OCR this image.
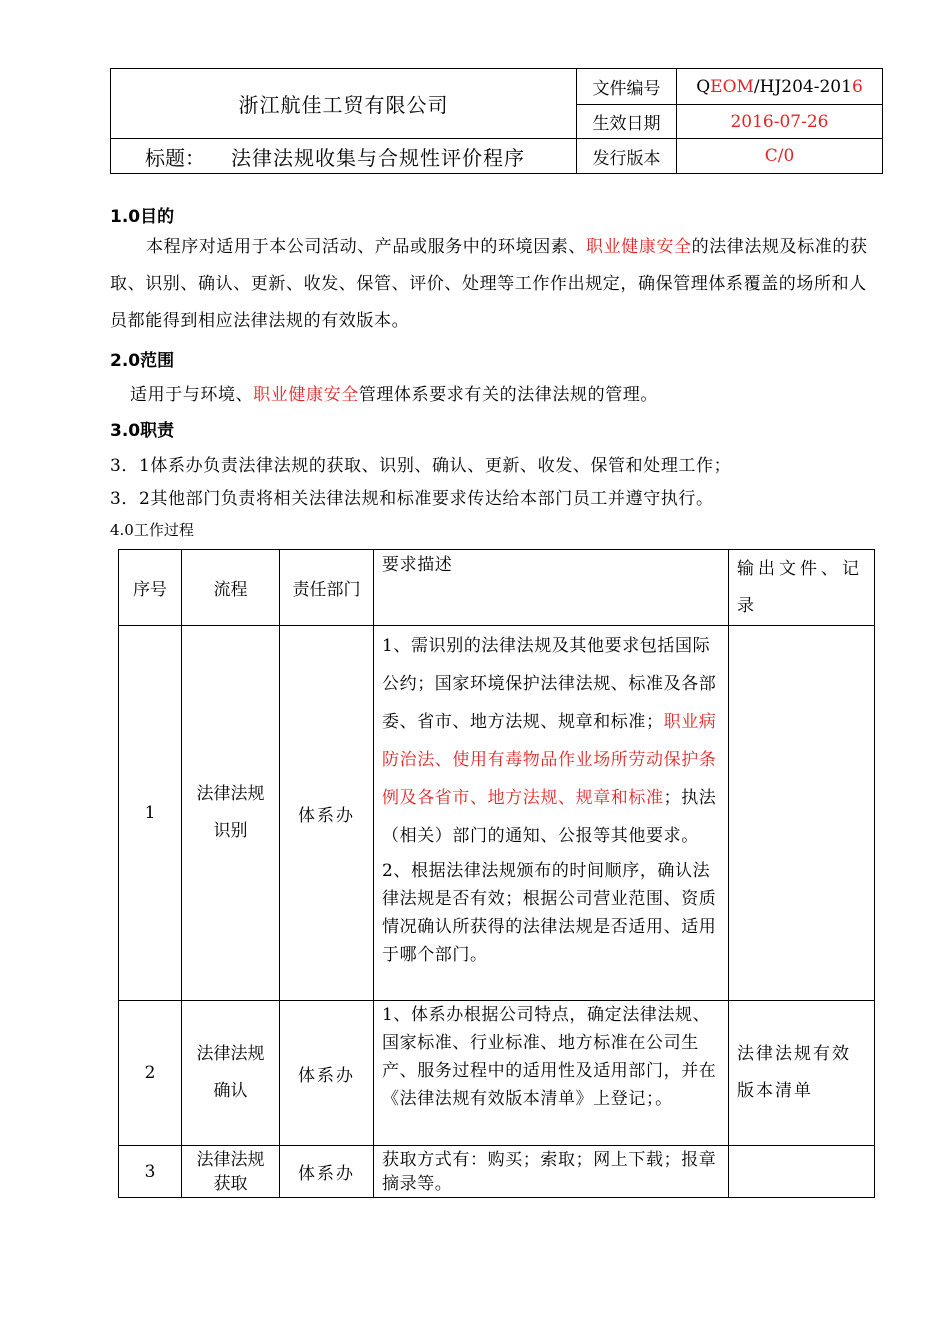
浙江航佳工贸有限公司	文件编号	QEOM/HJ204-2016
	生效日期	2016-07-26
标题： 法律法规收集与合规性评价程序	发行版本	C/0
1.0目的
本程序对适用于本公司活动、产品或服务中的环境因素、职业健康安全的法律法规及标准的获取、识别、确认、更新、收发、保管、评价、处理等工作作出规定，确保管理体系覆盖的场所和人员都能得到相应法律法规的有效版本。
2.0范围
适用于与环境、职业健康安全管理体系要求有关的法律法规的管理。
3.0职责
3．1体系办负责法律法规的获取、识别、确认、更新、收发、保管和处理工作；
3．2其他部门负责将相关法律法规和标准要求传达给本部门员工并遵守执行。
4.0工作过程
序号	流程	责任部门	要求描述	输出文件、记录
1	法律法规识别	体系办	1、需识别的法律法规及其他要求包括国际公约；国家环境保护法律法规、标准及各部委、省市、地方法规、规章和标准；职业病防治法、使用有毒物品作业场所劳动保护条例及各省市、地方法规、规章和标准；执法（相关）部门的通知、公报等其他要求。
2、根据法律法规颁布的时间顺序，确认法律法规是否有效；根据公司营业范围、资质情况确认所获得的法律法规是否适用、适用于哪个部门。	

2	法律法规确认	体系办	1、体系办根据公司特点，确定法律法规、国家标准、行业标准、地方标准在公司生产、服务过程中的适用性及适用部门，并在《法律法规有效版本清单》上登记；。	法律法规有效版本清单
3	法律法规获取	体系办	获取方式有：购买；索取；网上下载；报章摘录等。	
